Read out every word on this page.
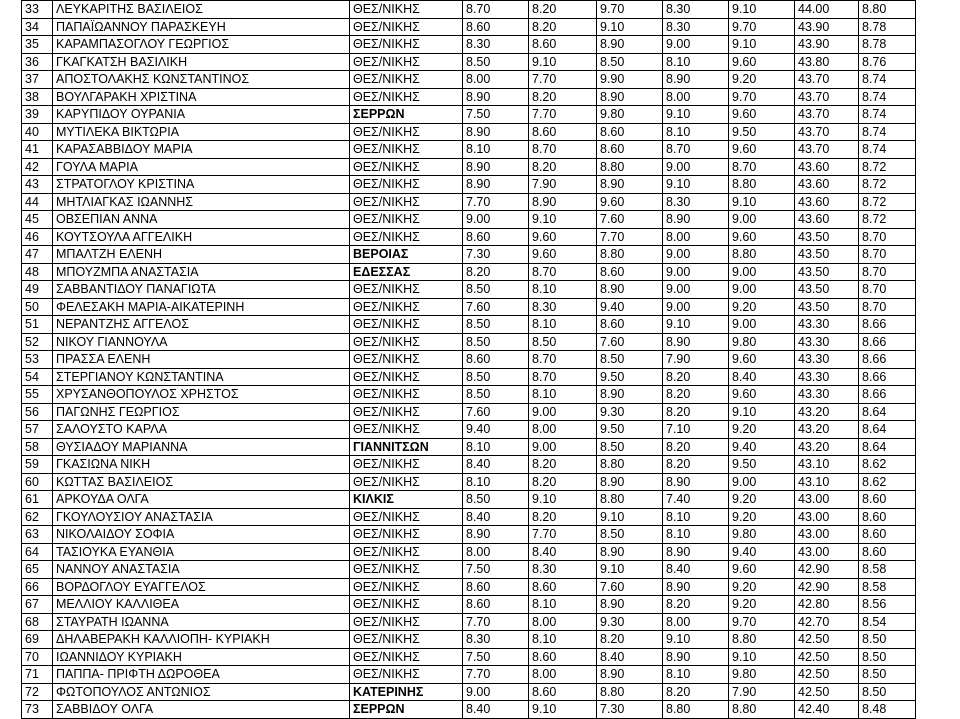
33	ΛΕΥΚΑΡΙΤΗΣ ΒΑΣΙΛΕΙΟΣ	ΘΕΣ/ΝΙΚΗΣ	8.70	8.20	9.70	8.30	9.10	44.00	8.80
34	ΠΑΠΑΪΩΑΝΝΟΥ ΠΑΡΑΣΚΕΥΗ	ΘΕΣ/ΝΙΚΗΣ	8.60	8.20	9.10	8.30	9.70	43.90	8.78
35	ΚΑΡΑΜΠΑΣΟΓΛΟΥ ΓΕΩΡΓΙΟΣ	ΘΕΣ/ΝΙΚΗΣ	8.30	8.60	8.90	9.00	9.10	43.90	8.78
36	ΓΚΑΓΚΑΤΣΗ ΒΑΣΙΛΙΚΗ	ΘΕΣ/ΝΙΚΗΣ	8.50	9.10	8.50	8.10	9.60	43.80	8.76
37	ΑΠΟΣΤΟΛΑΚΗΣ ΚΩΝΣΤΑΝΤΙΝΟΣ	ΘΕΣ/ΝΙΚΗΣ	8.00	7.70	9.90	8.90	9.20	43.70	8.74
38	ΒΟΥΛΓΑΡΑΚΗ ΧΡΙΣΤΙΝΑ	ΘΕΣ/ΝΙΚΗΣ	8.90	8.20	8.90	8.00	9.70	43.70	8.74
39	ΚΑΡΥΠΙΔΟΥ ΟΥΡΑΝΙΑ	ΣΕΡΡΩΝ	7.50	7.70	9.80	9.10	9.60	43.70	8.74
40	ΜΥΤΙΛΕΚΑ ΒΙΚΤΩΡΙΑ	ΘΕΣ/ΝΙΚΗΣ	8.90	8.60	8.60	8.10	9.50	43.70	8.74
41	ΚΑΡΑΣΑΒΒΙΔΟΥ ΜΑΡΙΑ	ΘΕΣ/ΝΙΚΗΣ	8.10	8.70	8.60	8.70	9.60	43.70	8.74
42	ΓΟΥΛΑ ΜΑΡΙΑ	ΘΕΣ/ΝΙΚΗΣ	8.90	8.20	8.80	9.00	8.70	43.60	8.72
43	ΣΤΡΑΤΟΓΛΟΥ ΚΡΙΣΤΙΝΑ	ΘΕΣ/ΝΙΚΗΣ	8.90	7.90	8.90	9.10	8.80	43.60	8.72
44	ΜΗΤΛΙΑΓΚΑΣ ΙΩΑΝΝΗΣ	ΘΕΣ/ΝΙΚΗΣ	7.70	8.90	9.60	8.30	9.10	43.60	8.72
45	ΟΒΣΕΠΙΑΝ ΑΝΝΑ	ΘΕΣ/ΝΙΚΗΣ	9.00	9.10	7.60	8.90	9.00	43.60	8.72
46	ΚΟΥΤΣΟΥΛΑ ΑΓΓΕΛΙΚΗ	ΘΕΣ/ΝΙΚΗΣ	8.60	9.60	7.70	8.00	9.60	43.50	8.70
47	ΜΠΑΛΤΖΗ ΕΛΕΝΗ	ΒΕΡΟΙΑΣ	7.30	9.60	8.80	9.00	8.80	43.50	8.70
48	ΜΠΟΥΖΜΠΑ ΑΝΑΣΤΑΣΙΑ	ΕΔΕΣΣΑΣ	8.20	8.70	8.60	9.00	9.00	43.50	8.70
49	ΣΑΒΒΑΝΤΙΔΟΥ ΠΑΝΑΓΙΩΤΑ	ΘΕΣ/ΝΙΚΗΣ	8.50	8.10	8.90	9.00	9.00	43.50	8.70
50	ΦΕΛΕΣΑΚΗ ΜΑΡΙΑ-ΑΙΚΑΤΕΡΙΝΗ	ΘΕΣ/ΝΙΚΗΣ	7.60	8.30	9.40	9.00	9.20	43.50	8.70
51	ΝΕΡΑΝΤΖΗΣ ΑΓΓΕΛΟΣ	ΘΕΣ/ΝΙΚΗΣ	8.50	8.10	8.60	9.10	9.00	43.30	8.66
52	ΝΙΚΟΥ ΓΙΑΝΝΟΥΛΑ	ΘΕΣ/ΝΙΚΗΣ	8.50	8.50	7.60	8.90	9.80	43.30	8.66
53	ΠΡΑΣΣΑ ΕΛΕΝΗ	ΘΕΣ/ΝΙΚΗΣ	8.60	8.70	8.50	7.90	9.60	43.30	8.66
54	ΣΤΕΡΓΙΑΝΟΥ ΚΩΝΣΤΑΝΤΙΝΑ	ΘΕΣ/ΝΙΚΗΣ	8.50	8.70	9.50	8.20	8.40	43.30	8.66
55	ΧΡΥΣΑΝΘΟΠΟΥΛΟΣ ΧΡΗΣΤΟΣ	ΘΕΣ/ΝΙΚΗΣ	8.50	8.10	8.90	8.20	9.60	43.30	8.66
56	ΠΑΓΩΝΗΣ ΓΕΩΡΓΙΟΣ	ΘΕΣ/ΝΙΚΗΣ	7.60	9.00	9.30	8.20	9.10	43.20	8.64
57	ΣΑΛΟΥΣΤΟ ΚΑΡΛΑ	ΘΕΣ/ΝΙΚΗΣ	9.40	8.00	9.50	7.10	9.20	43.20	8.64
58	ΘΥΣΙΑΔΟΥ ΜΑΡΙΑΝΝΑ	ΓΙΑΝΝΙΤΣΩΝ	8.10	9.00	8.50	8.20	9.40	43.20	8.64
59	ΓΚΑΣΙΩΝΑ ΝΙΚΗ	ΘΕΣ/ΝΙΚΗΣ	8.40	8.20	8.80	8.20	9.50	43.10	8.62
60	ΚΩΤΤΑΣ ΒΑΣΙΛΕΙΟΣ	ΘΕΣ/ΝΙΚΗΣ	8.10	8.20	8.90	8.90	9.00	43.10	8.62
61	ΑΡΚΟΥΔΑ ΟΛΓΑ	ΚΙΛΚΙΣ	8.50	9.10	8.80	7.40	9.20	43.00	8.60
62	ΓΚΟΥΛΟΥΣΙΟΥ ΑΝΑΣΤΑΣΙΑ	ΘΕΣ/ΝΙΚΗΣ	8.40	8.20	9.10	8.10	9.20	43.00	8.60
63	ΝΙΚΟΛΑΙΔΟΥ ΣΟΦΙΑ	ΘΕΣ/ΝΙΚΗΣ	8.90	7.70	8.50	8.10	9.80	43.00	8.60
64	ΤΑΣΙΟΥΚΑ ΕΥΑΝΘΙΑ	ΘΕΣ/ΝΙΚΗΣ	8.00	8.40	8.90	8.90	9.40	43.00	8.60
65	ΝΑΝΝΟΥ ΑΝΑΣΤΑΣΙΑ	ΘΕΣ/ΝΙΚΗΣ	7.50	8.30	9.10	8.40	9.60	42.90	8.58
66	ΒΟΡΔΟΓΛΟΥ ΕΥΑΓΓΕΛΟΣ	ΘΕΣ/ΝΙΚΗΣ	8.60	8.60	7.60	8.90	9.20	42.90	8.58
67	ΜΕΛΛΙΟΥ ΚΑΛΛΙΘΕΑ	ΘΕΣ/ΝΙΚΗΣ	8.60	8.10	8.90	8.20	9.20	42.80	8.56
68	ΣΤΑΥΡΑΤΗ ΙΩΑΝΝΑ	ΘΕΣ/ΝΙΚΗΣ	7.70	8.00	9.30	8.00	9.70	42.70	8.54
69	ΔΗΛΑΒΕΡΑΚΗ ΚΑΛΛΙΟΠΗ- ΚΥΡΙΑΚΗ	ΘΕΣ/ΝΙΚΗΣ	8.30	8.10	8.20	9.10	8.80	42.50	8.50
70	ΙΩΑΝΝΙΔΟΥ ΚΥΡΙΑΚΗ	ΘΕΣ/ΝΙΚΗΣ	7.50	8.60	8.40	8.90	9.10	42.50	8.50
71	ΠΑΠΠΑ- ΠΡΙΦΤΗ ΔΩΡΟΘΕΑ	ΘΕΣ/ΝΙΚΗΣ	7.70	8.00	8.90	8.10	9.80	42.50	8.50
72	ΦΩΤΟΠΟΥΛΟΣ ΑΝΤΩΝΙΟΣ	ΚΑΤΕΡΙΝΗΣ	9.00	8.60	8.80	8.20	7.90	42.50	8.50
73	ΣΑΒΒΙΔΟΥ ΟΛΓΑ	ΣΕΡΡΩΝ	8.40	9.10	7.30	8.80	8.80	42.40	8.48
